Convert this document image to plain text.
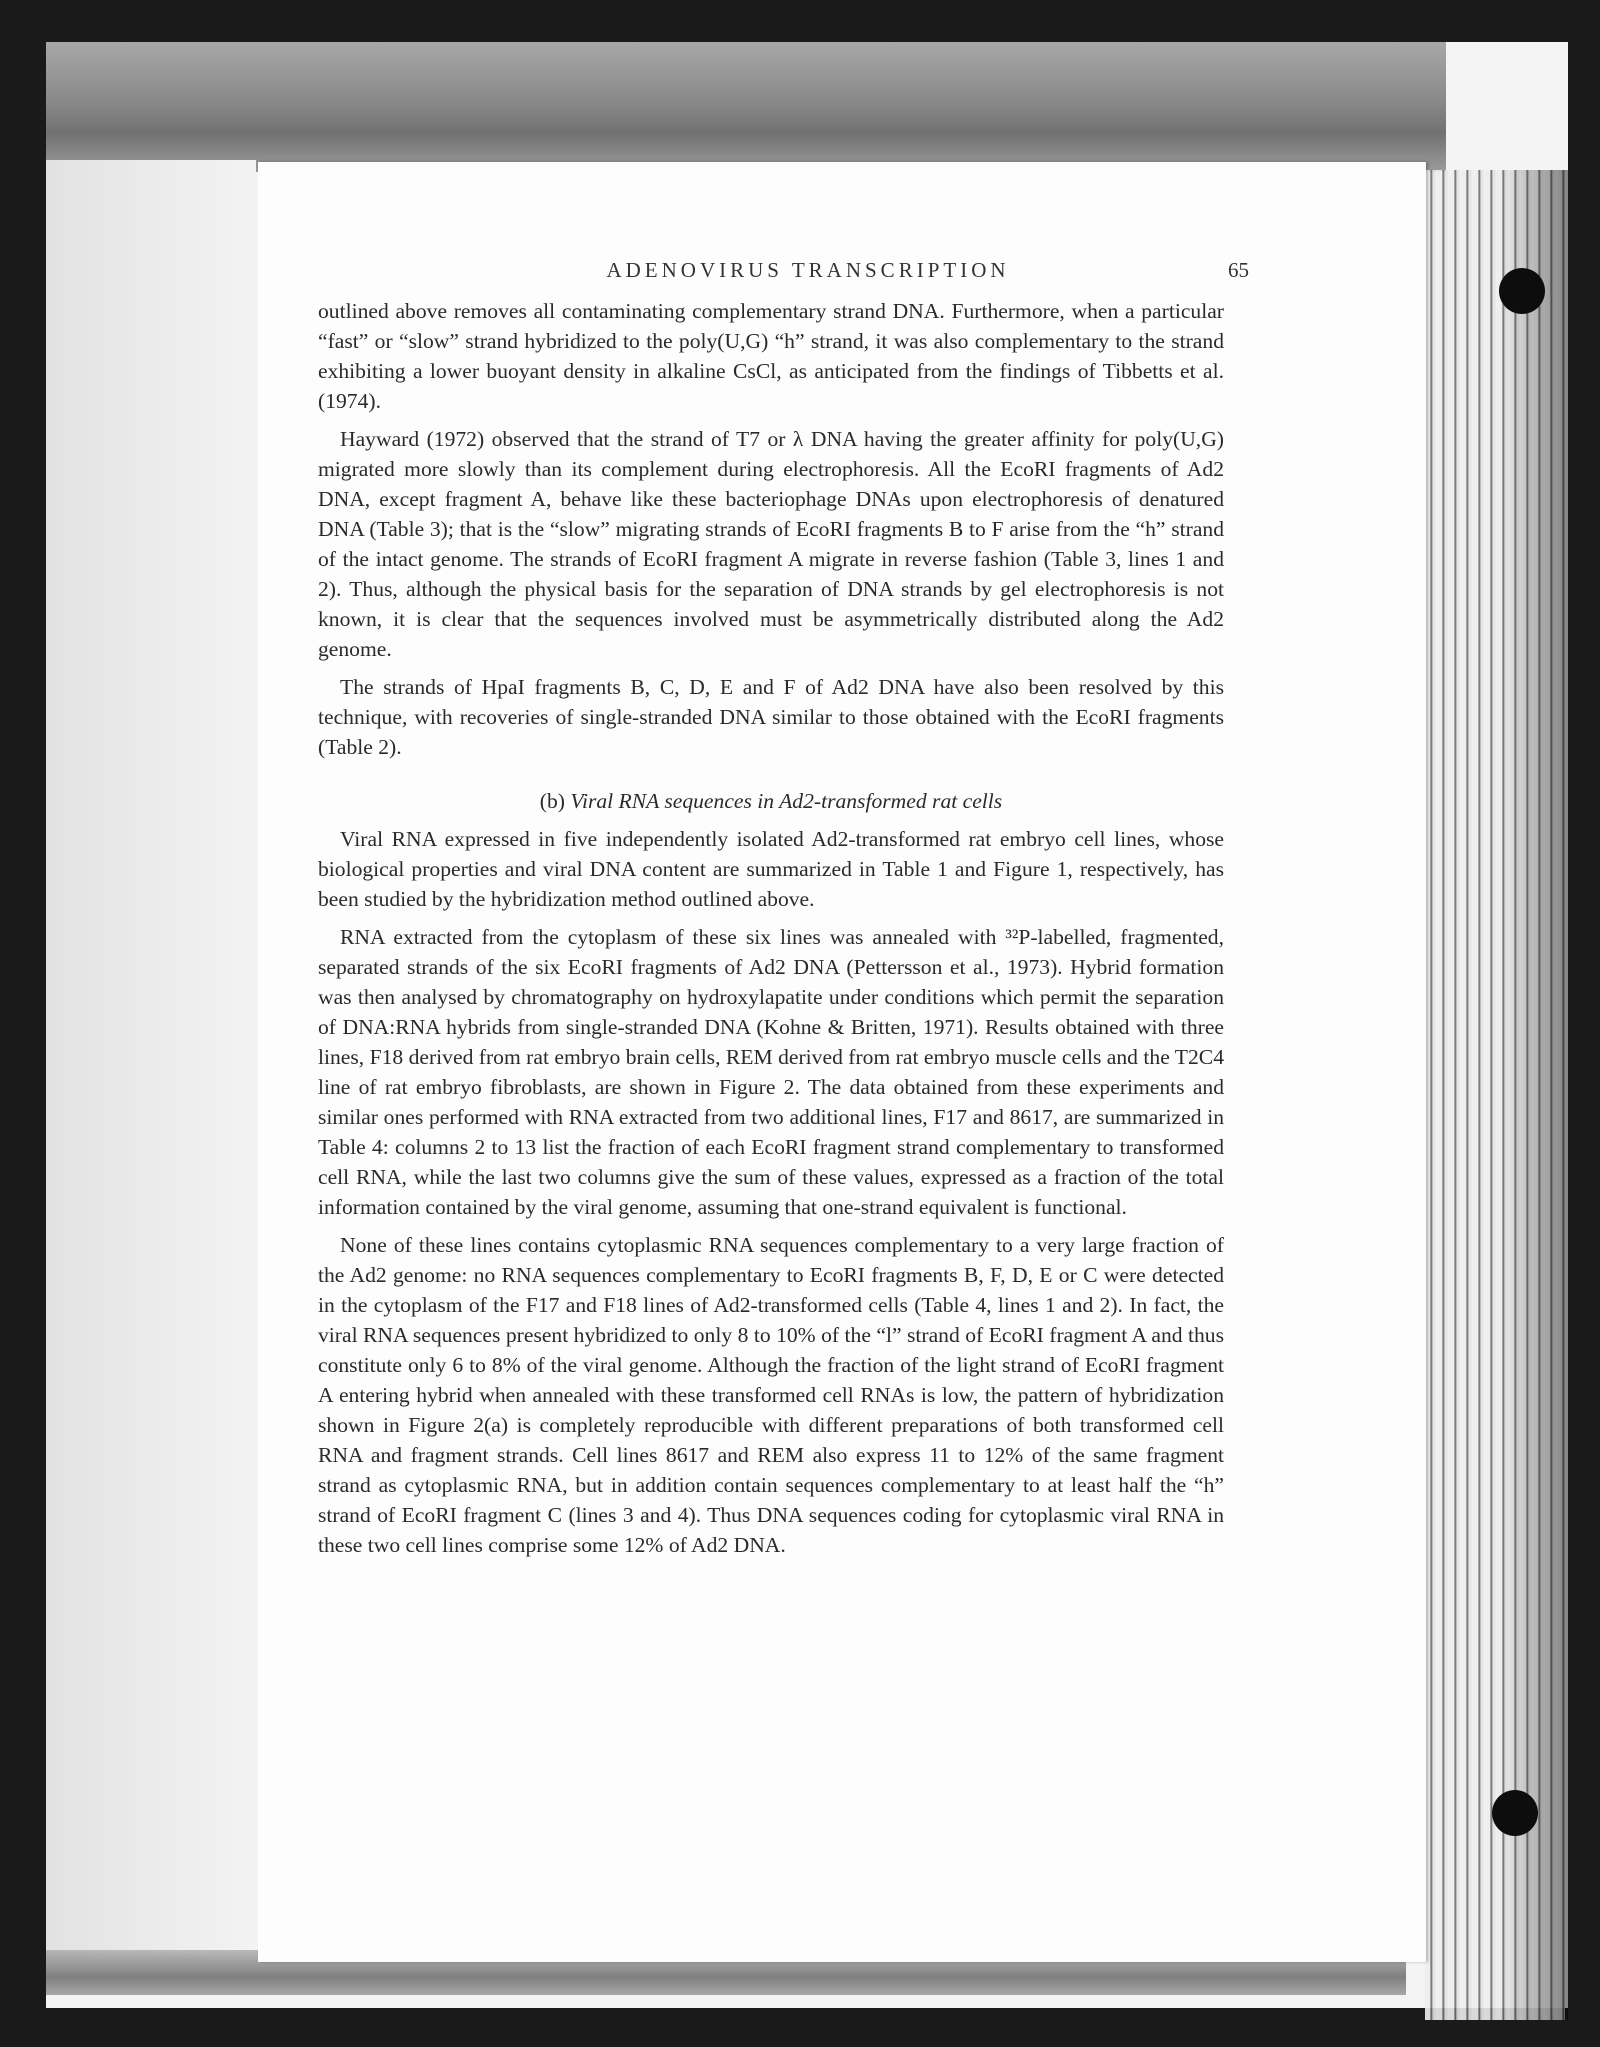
ADENOVIRUS TRANSCRIPTION	65

outlined above removes all contaminating complementary strand DNA. Furthermore, when a particular “fast” or “slow” strand hybridized to the poly(U,G) “h” strand, it was also complementary to the strand exhibiting a lower buoyant density in alkaline CsCl, as anticipated from the findings of Tibbetts et al. (1974).

Hayward (1972) observed that the strand of T7 or λ DNA having the greater affinity for poly(U,G) migrated more slowly than its complement during electrophoresis. All the EcoRI fragments of Ad2 DNA, except fragment A, behave like these bacteriophage DNAs upon electrophoresis of denatured DNA (Table 3); that is the “slow” migrating strands of EcoRI fragments B to F arise from the “h” strand of the intact genome. The strands of EcoRI fragment A migrate in reverse fashion (Table 3, lines 1 and 2). Thus, although the physical basis for the separation of DNA strands by gel electrophoresis is not known, it is clear that the sequences involved must be asymmetrically distributed along the Ad2 genome.

The strands of HpaI fragments B, C, D, E and F of Ad2 DNA have also been resolved by this technique, with recoveries of single-stranded DNA similar to those obtained with the EcoRI fragments (Table 2).

(b) Viral RNA sequences in Ad2-transformed rat cells

Viral RNA expressed in five independently isolated Ad2-transformed rat embryo cell lines, whose biological properties and viral DNA content are summarized in Table 1 and Figure 1, respectively, has been studied by the hybridization method outlined above.

RNA extracted from the cytoplasm of these six lines was annealed with ³²P-labelled, fragmented, separated strands of the six EcoRI fragments of Ad2 DNA (Pettersson et al., 1973). Hybrid formation was then analysed by chromatography on hydroxylapatite under conditions which permit the separation of DNA:RNA hybrids from single-stranded DNA (Kohne & Britten, 1971). Results obtained with three lines, F18 derived from rat embryo brain cells, REM derived from rat embryo muscle cells and the T2C4 line of rat embryo fibroblasts, are shown in Figure 2. The data obtained from these experiments and similar ones performed with RNA extracted from two additional lines, F17 and 8617, are summarized in Table 4: columns 2 to 13 list the fraction of each EcoRI fragment strand complementary to transformed cell RNA, while the last two columns give the sum of these values, expressed as a fraction of the total information contained by the viral genome, assuming that one-strand equivalent is functional.

None of these lines contains cytoplasmic RNA sequences complementary to a very large fraction of the Ad2 genome: no RNA sequences complementary to EcoRI fragments B, F, D, E or C were detected in the cytoplasm of the F17 and F18 lines of Ad2-transformed cells (Table 4, lines 1 and 2). In fact, the viral RNA sequences present hybridized to only 8 to 10% of the “l” strand of EcoRI fragment A and thus constitute only 6 to 8% of the viral genome. Although the fraction of the light strand of EcoRI fragment A entering hybrid when annealed with these transformed cell RNAs is low, the pattern of hybridization shown in Figure 2(a) is completely reproducible with different preparations of both transformed cell RNA and fragment strands. Cell lines 8617 and REM also express 11 to 12% of the same fragment strand as cytoplasmic RNA, but in addition contain sequences complementary to at least half the “h” strand of EcoRI fragment C (lines 3 and 4). Thus DNA sequences coding for cytoplasmic viral RNA in these two cell lines comprise some 12% of Ad2 DNA.
